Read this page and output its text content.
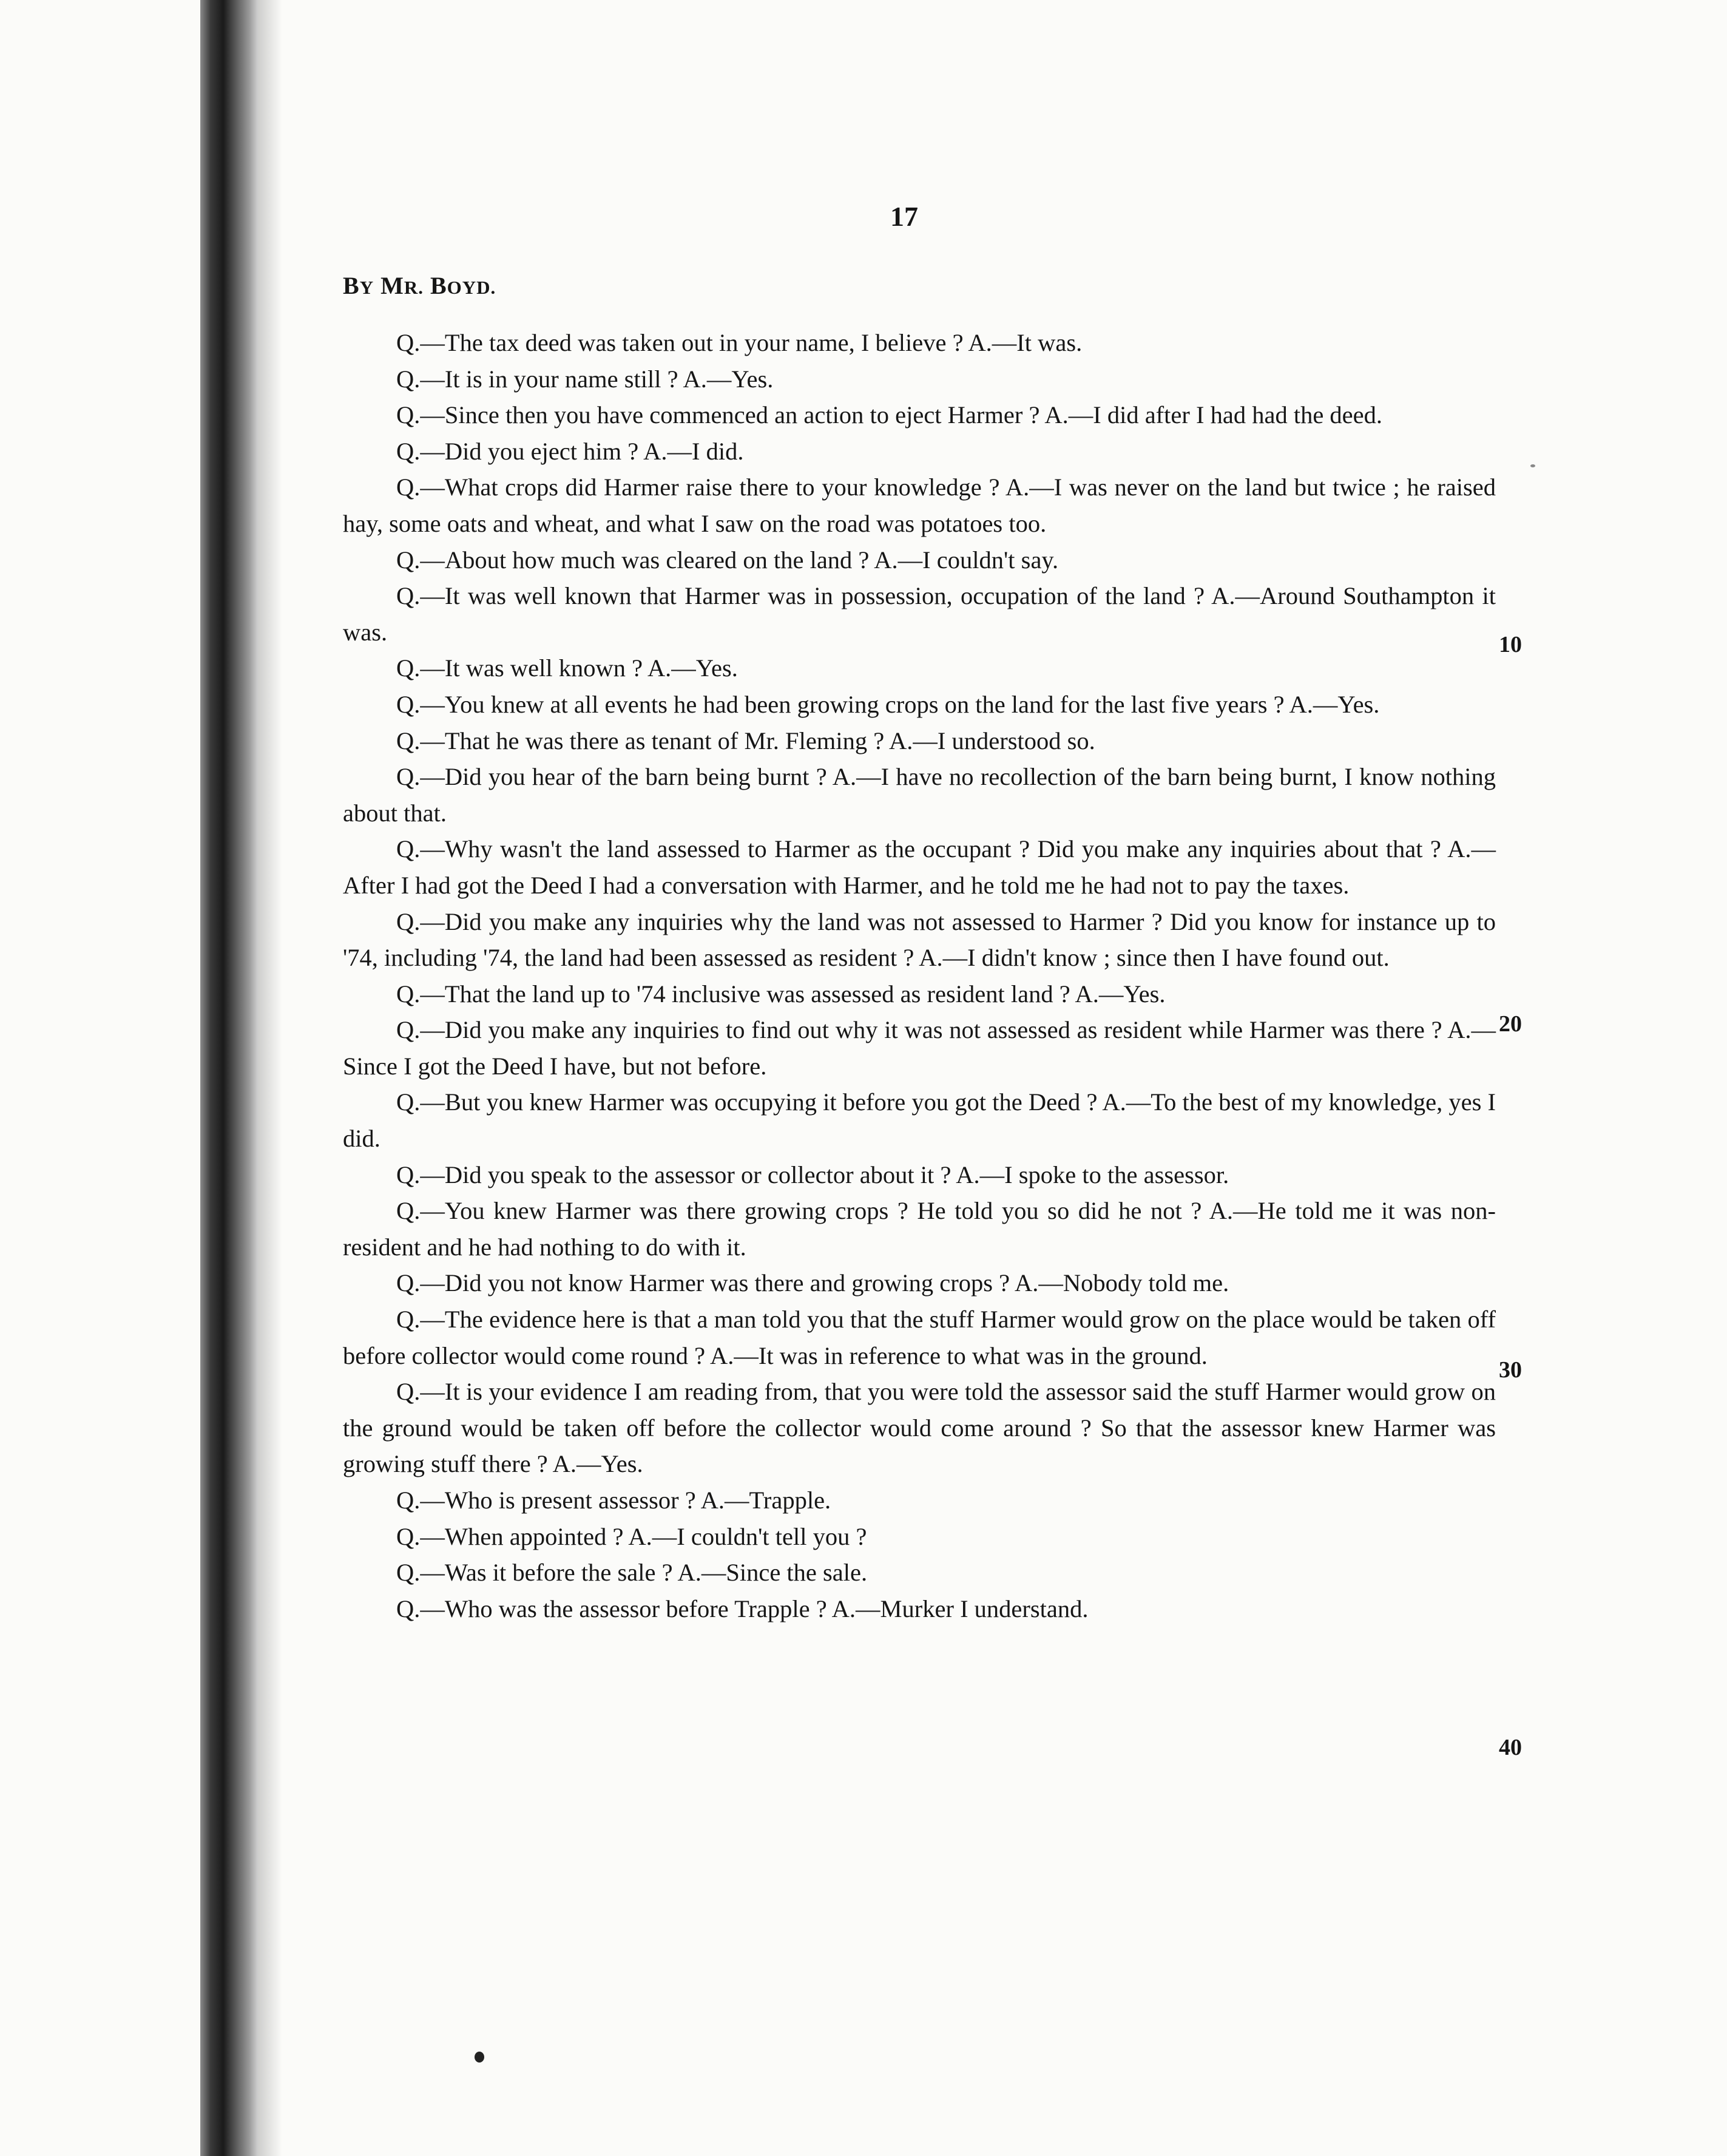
17
BY MR. BOYD.

Q.—The tax deed was taken out in your name, I believe ? A.—It was.

Q.—It is in your name still ? A.—Yes.

Q.—Since then you have commenced an action to eject Harmer ? A.—I did after I had had the deed.

Q.—Did you eject him ? A.—I did.

Q.—What crops did Harmer raise there to your knowledge ? A.—I was never on the land but twice ; he raised hay, some oats and wheat, and what I saw on the road was potatoes too.

Q.—About how much was cleared on the land ? A.—I couldn't say.

Q.—It was well known that Harmer was in possession, occupation of the land ? A.—Around Southampton it was.

Q.—It was well known ? A.—Yes.

Q.—You knew at all events he had been growing crops on the land for the last five years ? A.—Yes.

Q.—That he was there as tenant of Mr. Fleming ? A.—I understood so.

Q.—Did you hear of the barn being burnt ? A.—I have no recollection of the barn being burnt, I know nothing about that.

Q.—Why wasn't the land assessed to Harmer as the occupant ? Did you make any inquiries about that ? A.—After I had got the Deed I had a conversation with Harmer, and he told me he had not to pay the taxes.

Q.—Did you make any inquiries why the land was not assessed to Harmer ? Did you know for instance up to '74, including '74, the land had been assessed as resident ? A.—I didn't know ; since then I have found out.

Q.—That the land up to '74 inclusive was assessed as resident land ? A.—Yes.

Q.—Did you make any inquiries to find out why it was not assessed as resident while Harmer was there ? A.—Since I got the Deed I have, but not before.

Q.—But you knew Harmer was occupying it before you got the Deed ? A.—To the best of my knowledge, yes I did.

Q.—Did you speak to the assessor or collector about it ? A.—I spoke to the assessor.

Q.—You knew Harmer was there growing crops ? He told you so did he not ? A.—He told me it was non-resident and he had nothing to do with it.

Q.—Did you not know Harmer was there and growing crops ? A.—Nobody told me.

Q.—The evidence here is that a man told you that the stuff Harmer would grow on the place would be taken off before collector would come round ? A.—It was in reference to what was in the ground.

Q.—It is your evidence I am reading from, that you were told the assessor said the stuff Harmer would grow on the ground would be taken off before the collector would come around ? So that the assessor knew Harmer was growing stuff there ? A.—Yes.

Q.—Who is present assessor ? A.—Trapple.

Q.—When appointed ? A.—I couldn't tell you ?

Q.—Was it before the sale ? A.—Since the sale.

Q.—Who was the assessor before Trapple ? A.—Murker I understand.

10
20
30
40
